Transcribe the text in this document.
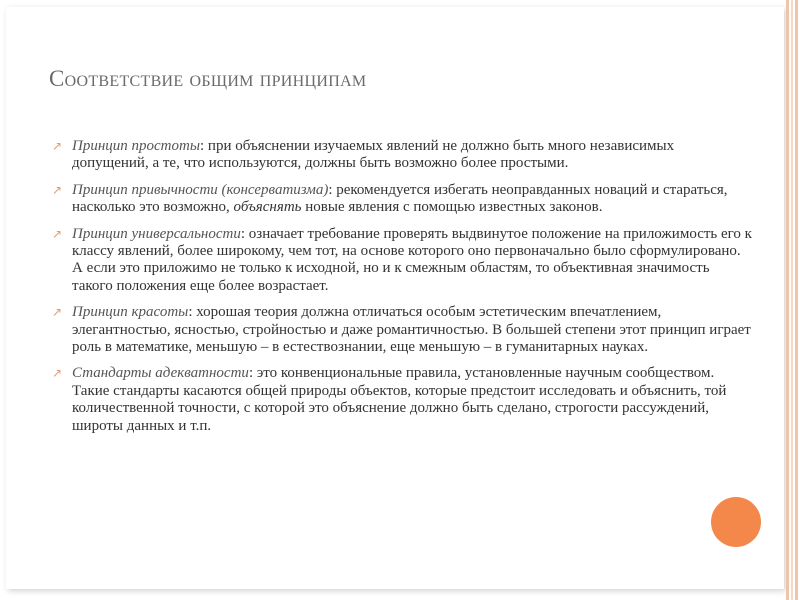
Соответствие общим принципам
↗ Принцип простоты: при объяснении изучаемых явлений не должно быть много независимых допущений, а те, что используются, должны быть возможно более простыми.
↗ Принцип привычности (консерватизма): рекомендуется избегать неоправданных новаций и стараться, насколько это возможно, объяснять новые явления с помощью известных законов.
↗ Принцип универсальности: означает требование проверять выдвинутое положение на приложимость его к классу явлений, более широкому, чем тот, на основе которого оно первоначально было сформулировано. А если это приложимо не только к исходной, но и к смежным областям, то объективная значимость такого положения еще более возрастает.
↗ Принцип красоты: хорошая теория должна отличаться особым эстетическим впечатлением, элегантностью, ясностью, стройностью и даже романтичностью. В большей степени этот принцип играет роль в математике, меньшую – в естествознании, еще меньшую – в гуманитарных науках.
↗ Стандарты адекватности: это конвенциональные правила, установленные научным сообществом. Такие стандарты касаются общей природы объектов, которые предстоит исследовать и объяснить, той количественной точности, с которой это объяснение должно быть сделано, строгости рассуждений, широты данных и т.п.
